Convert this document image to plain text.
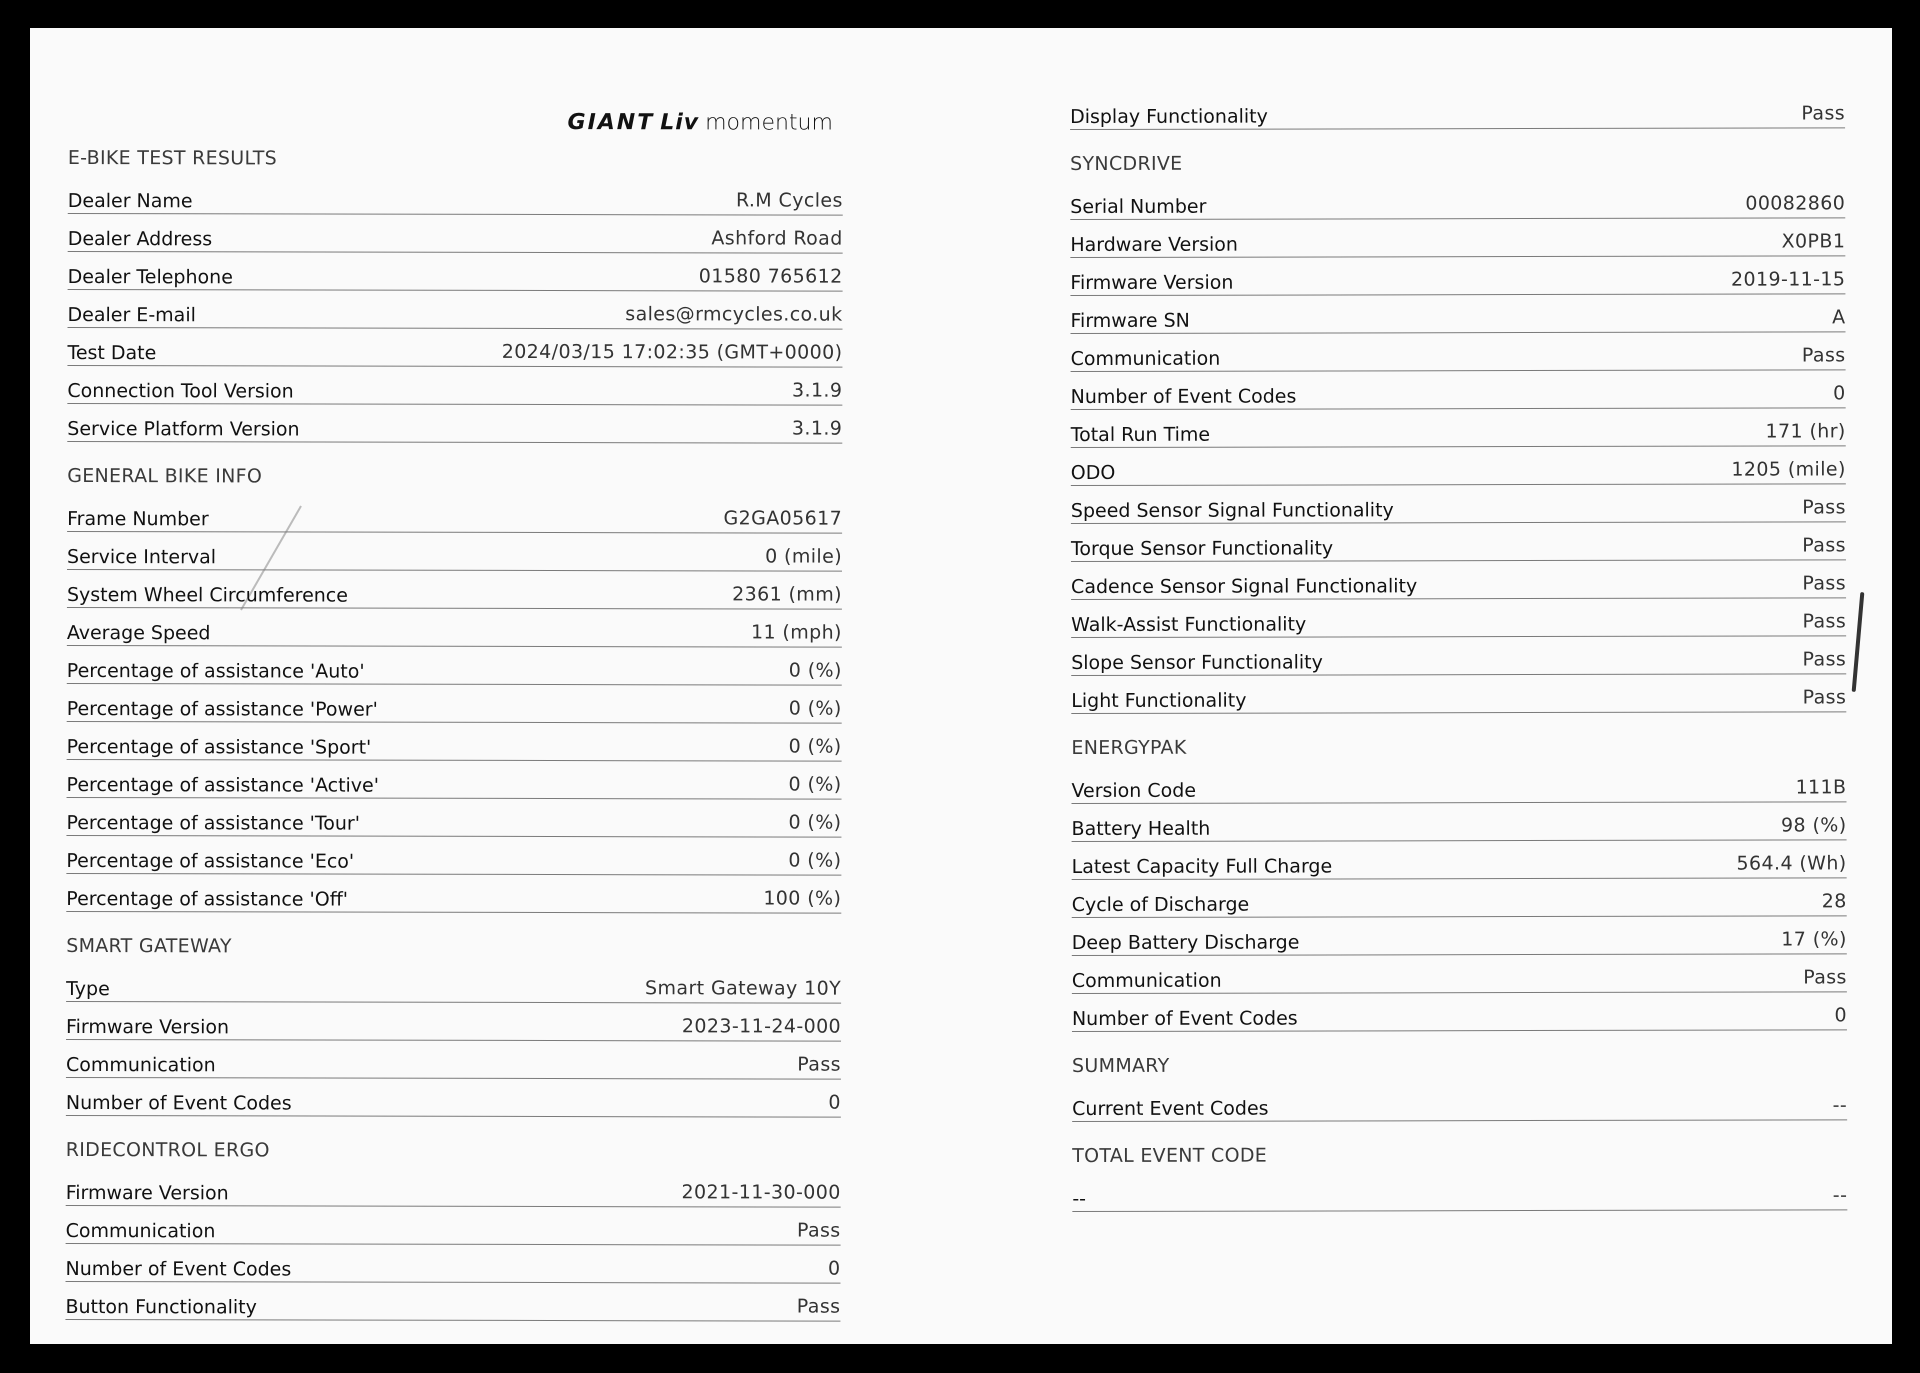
GIANT Liv momentum
E-BIKE TEST RESULTS
Dealer Name	R.M Cycles
Dealer Address	Ashford Road
Dealer Telephone	01580 765612
Dealer E-mail	sales@rmcycles.co.uk
Test Date	2024/03/15 17:02:35 (GMT+0000)
Connection Tool Version	3.1.9
Service Platform Version	3.1.9
GENERAL BIKE INFO
Frame Number	G2GA05617
Service Interval	0 (mile)
System Wheel Circumference	2361 (mm)
Average Speed	11 (mph)
Percentage of assistance 'Auto'	0 (%)
Percentage of assistance 'Power'	0 (%)
Percentage of assistance 'Sport'	0 (%)
Percentage of assistance 'Active'	0 (%)
Percentage of assistance 'Tour'	0 (%)
Percentage of assistance 'Eco'	0 (%)
Percentage of assistance 'Off'	100 (%)
SMART GATEWAY
Type	Smart Gateway 10Y
Firmware Version	2023-11-24-000
Communication	Pass
Number of Event Codes	0
RIDECONTROL ERGO
Firmware Version	2021-11-30-000
Communication	Pass
Number of Event Codes	0
Button Functionality	Pass
Display Functionality	Pass
SYNCDRIVE
Serial Number	00082860
Hardware Version	X0PB1
Firmware Version	2019-11-15
Firmware SN	A
Communication	Pass
Number of Event Codes	0
Total Run Time	171 (hr)
ODO	1205 (mile)
Speed Sensor Signal Functionality	Pass
Torque Sensor Functionality	Pass
Cadence Sensor Signal Functionality	Pass
Walk-Assist Functionality	Pass
Slope Sensor Functionality	Pass
Light Functionality	Pass
ENERGYPAK
Version Code	111B
Battery Health	98 (%)
Latest Capacity Full Charge	564.4 (Wh)
Cycle of Discharge	28
Deep Battery Discharge	17 (%)
Communication	Pass
Number of Event Codes	0
SUMMARY
Current Event Codes	--
TOTAL EVENT CODE
--	--
